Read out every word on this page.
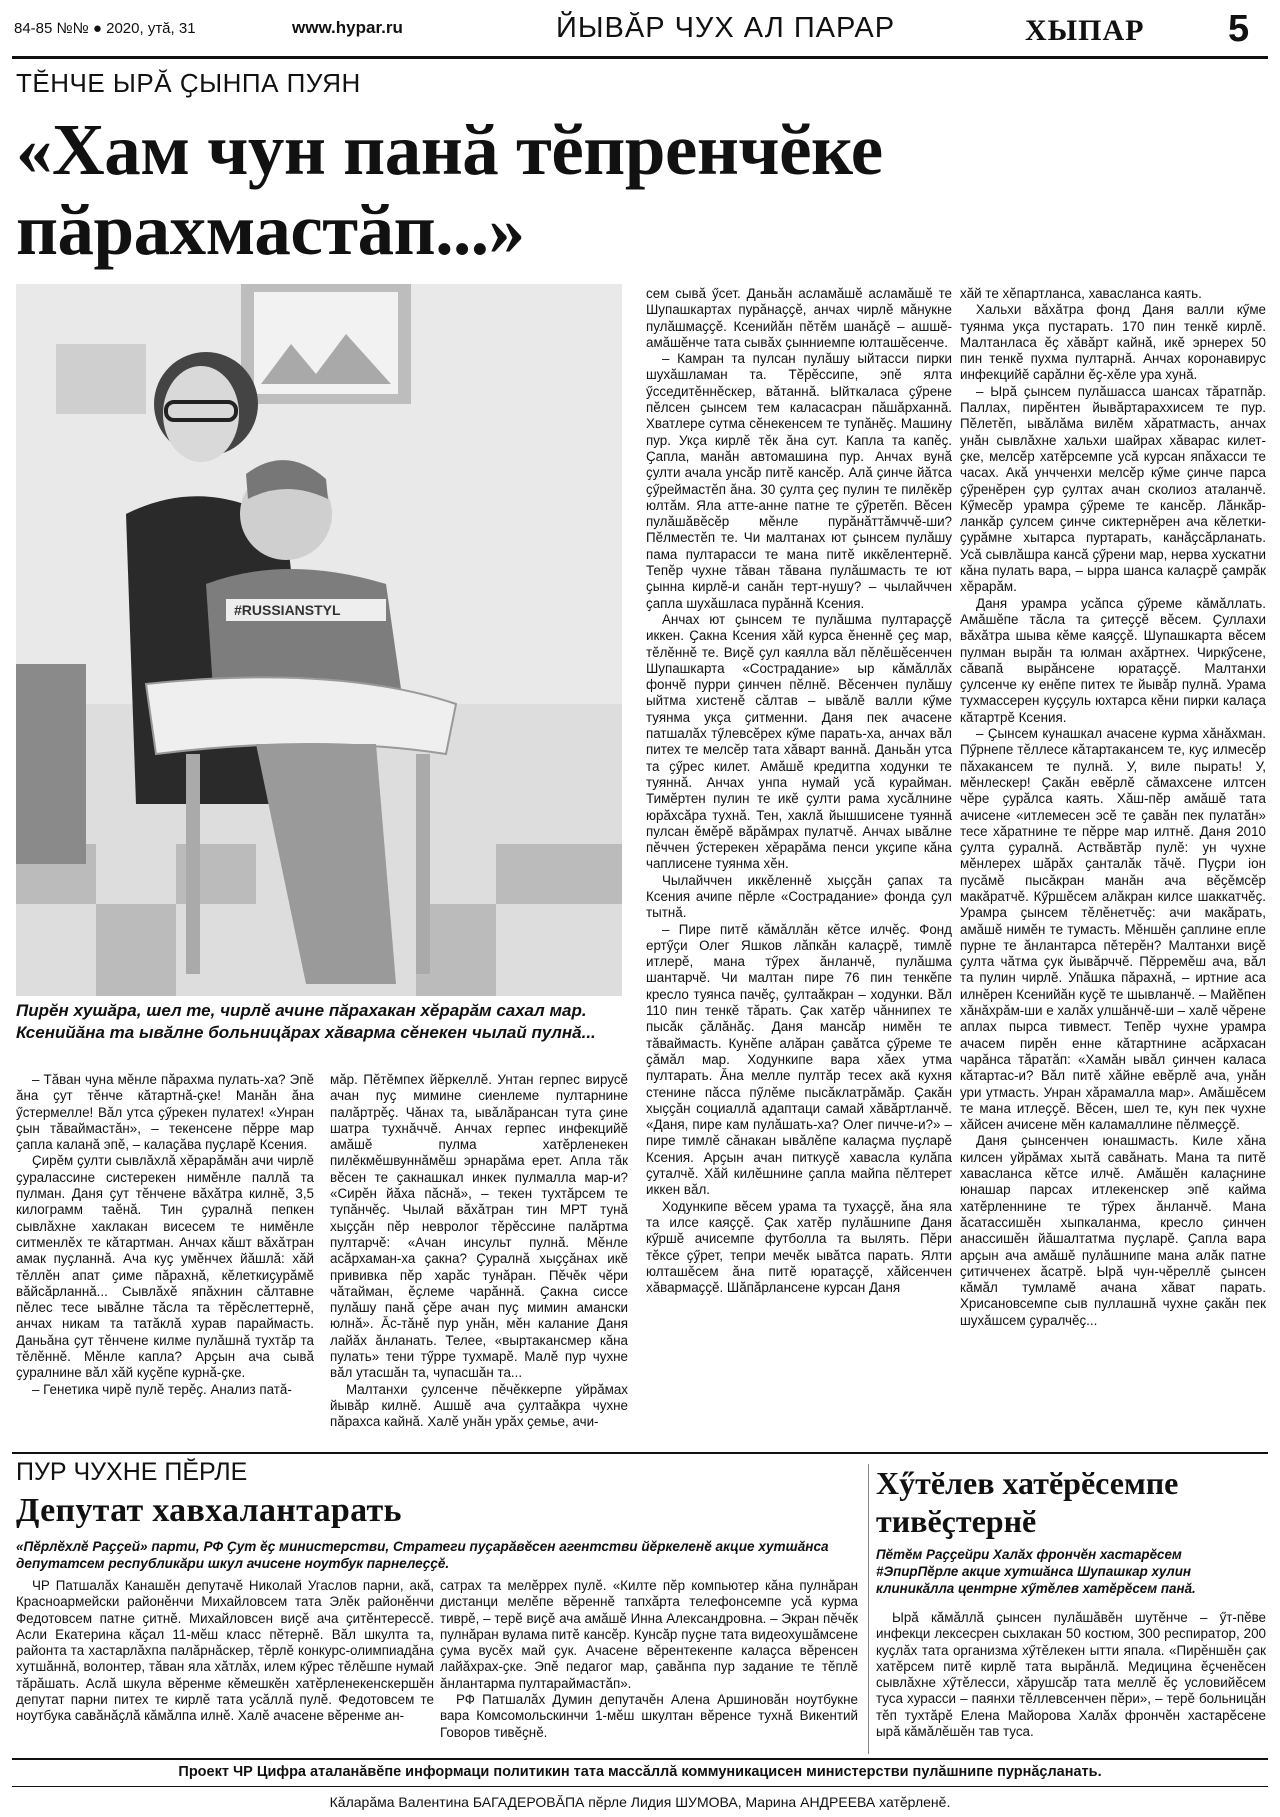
84-85 №№ ● 2020, утӑ, 31	www.hypar.ru	ЙЫВӐР ЧУХ АЛ ПАРАР	ХЫПАР 5
ТӖНЧЕ ЫРӐ ҪЫНПА ПУЯН
«Хам чун панӑ тӗпренчӗке
пӑрахмастӑп...»
#RUSSIANSTYL
Пирӗн хушӑра, шел те, чирлӗ ачине пӑрахакан хӗрарӑм сахал мар. Ксенийӑна та ывӑлне больницӑрах хӑварма сӗнекен чылай пулнӑ...

– Тӑван чуна мӗнле пӑрахма пулать-ха? Эпӗ ӑна ҫут тӗнче кӑтартнӑ-ҫке! Манӑн ӑна ӳстермелле! Вӑл утса ҫӳрекен пулатех! «Унран ҫын тӑваймастӑн», – текенсене пӗрре мар ҫапла каланӑ эпӗ, – калаҫӑва пуҫларӗ Ксения.

Ҫирӗм ҫулти сывлӑхлӑ хӗрарӑмӑн ачи чирлӗ ҫуралассине систерекен нимӗнле паллӑ та пулман. Даня ҫут тӗнчене вӑхӑтра килнӗ, 3,5 килограмм таӗнӑ. Тин ҫуралнӑ пепкен сывлӑхне хаклакан висесем те нимӗнле ситменлӗх те кӑтартман. Анчах кӑшт вӑхӑтран амак пуҫланнӑ. Ача куҫ умӗнчех йӑшлӑ: хӑй тӗллӗн апат ҫиме пӑрахнӑ, кӗлеткиҫурӑмӗ вӑйсӑрланнӑ... Сывлӑхӗ япӑхнин сӑлтавне пӗлес тесе ывӑлне тӑсла та тӗрӗслеттернӗ, анчах никам та татӑклӑ хурав параймасть. Даньӑна ҫут тӗнчене килме пулӑшнӑ тухтӑр та тӗлӗннӗ. Мӗнле капла? Арҫын ача сывӑ ҫуралнине вӑл хӑй куҫӗпе курнӑ-ҫке.

– Генетика чирӗ пулӗ терӗҫ. Анализ патӑ-

мӑр. Пӗтӗмпех йӗркеллӗ. Унтан герпес вирусӗ ачан пуҫ мимине сиенлеме пултарнине палӑртрӗҫ. Чӑнах та, ывӑлӑрансан тута ҫине шатра тухнӑччӗ. Анчах герпес инфекцийӗ амӑшӗ пулма хатӗрленекен пилӗкмӗшвуннӑмӗш эрнарӑма ерет. Апла тӑк вӗсен те ҫакнашкал инкек пулмалла мар-и? «Сирӗн йӑха пӑснӑ», – текен тухтӑрсем те тупӑнчӗҫ. Чылай вӑхӑтран тин МРТ тунӑ хыҫҫӑн пӗр невролог тӗрӗссине палӑртма пултарчӗ: «Ачан инсульт пулнӑ. Мӗнле асӑрхаман-ха ҫакна? Ҫуралнӑ хыҫҫӑнах икӗ прививка пӗр харӑс тунӑран. Пӗчӗк чӗри чӑтайман, ӗҫлеме чарӑннӑ. Ҫакна сиссе пулӑшу панӑ ҫӗре ачан пуҫ мимин амански юлнӑ». Ӑс-тӑнӗ пур унӑн, мӗн калание Даня лайӑх ӑнланать. Телее, «выртакансмер кӑна пулать» тени тӳрре тухмарӗ. Малӗ пур чухне вӑл утасшӑн та, чупасшӑн та...

Малтанхи ҫулсенче пӗчӗккерпе уйрӑмах йывӑр килнӗ. Ашшӗ ача ҫултаӑкра чухне пӑрахса кайнӑ. Халӗ унӑн урӑх ҫемье, ачи-

сем сывӑ ӳсет. Даньӑн асламӑшӗ асламӑшӗ те Шупашкартах пурӑнаҫҫӗ, анчах чирлӗ мӑнукне пулӑшмаҫҫӗ. Ксенийӑн пӗтӗм шанӑҫӗ – ашшӗ-амӑшӗнче тата сывӑх ҫынниемпе юлташӗсенче.

– Камран та пулсан пулӑшу ыйтасси пирки шухӑшламан та. Тӗрӗссипе, эпӗ ялта ӳсседитӗннӗскер, вӑтаннӑ. Ыйткаласа ҫӳрене пӗлсен ҫынсем тем каласасран пӑшӑрханнӑ. Хватлере сутма сӗнекенсем те тупӑнӗҫ. Машину пур. Укҫа кирлӗ тӗк ӑна сут. Капла та капӗҫ. Ҫапла, манӑн автомашина пур. Анчах вунӑ ҫулти ачала унсӑр питӗ кансӗр. Алӑ ҫинче йӑтса ҫӳреймастӗп ӑна. 30 ҫулта ҫеҫ пулин те пилӗкӗр юлтӑм. Яла атте-анне патне те ҫӳретӗп. Вӗсен пулӑшӑвӗсӗр мӗнле пурӑнӑттӑмччӗ-ши? Пӗлместӗп те. Чи малтанах ют ҫынсем пулӑшу пама пултарасси те мана питӗ иккӗлентернӗ. Тепӗр чухне тӑван тӑвана пулӑшмасть те ют ҫынна кирлӗ-и санӑн терт-нушу? – чылайччен ҫапла шухӑшласа пурӑннӑ Ксения.

Анчах ют ҫынсем те пулӑшма пултараҫҫӗ иккен. Ҫакна Ксения хӑй курса ӗненнӗ ҫеҫ мар, тӗлӗннӗ те. Виҫӗ ҫул каялла вӑл пӗлӗшӗсенчен Шупашкарта «Сострадание» ыр кӑмӑллӑх фончӗ пурри ҫинчен пӗлнӗ. Вӗсенчен пулӑшу ыйтма хистенӗ сӑлтав – ывӑлӗ валли кӳме туянма укҫа ҫитменни. Даня пек ачасене патшалӑх тӳлевсӗрех кӳме парать-ха, анчах вӑл питех те мелсӗр тата хӑварт ваннӑ. Даньӑн утса та ҫӳрес килет. Амӑшӗ кредитпа ходунки те туяннӑ. Анчах унпа нумай усӑ курайман. Тимӗртен пулин те икӗ ҫулти рама хусӑлнине юрӑхсӑра тухнӑ. Тен, хаклӑ йышшисене туяннӑ пулсан ӗмӗрӗ вӑрӑмрах пулатчӗ. Анчах ывӑлне пӗччен ӳстерекен хӗрарӑма пенси укҫипе кӑна чаплисене туянма хӗн.

Чылайччен иккӗленнӗ хыҫҫӑн ҫапах та Ксения ачипе пӗрле «Сострадание» фонда ҫул тытнӑ.

– Пире питӗ кӑмӑллӑн кӗтсе илчӗҫ. Фонд ертӳҫи Олег Яшков лӑпкӑн калаҫрӗ, тимлӗ итлерӗ, мана тӳрех ӑнланчӗ, пулӑшма шантарчӗ. Чи малтан пире 76 пин тенкӗпе кресло туянса пачӗҫ, ҫултаӑкран – ходунки. Вӑл 110 пин тенкӗ тӑрать. Ҫак хатӗр чӑннипех те пысӑк ҫӑлӑнӑҫ. Даня мансӑр нимӗн те тӑваймасть. Кунӗпе алӑран ҫавӑтса ҫӳреме те ҫӑмӑл мар. Ходункипе вара хӑех утма пултарать. Ӑна мелле пултӑр тесех акӑ кухня стенине пӑсса пӳлӗме пысӑклатрӑмӑр. Ҫакӑн хыҫҫӑн социаллӑ адаптаци самай хӑвӑртланчӗ. «Даня, пире кам пулӑшать-ха? Олег пичче-и?» – пире тимлӗ сӑнакан ывӑлӗпе калаҫма пуҫларӗ Ксения. Арҫын ачан питкуҫӗ хавасла кулӑпа ҫуталчӗ. Хӑй килӗшнине ҫапла майпа пӗлтерет иккен вӑл.

Ходункипе вӗсем урама та тухаҫҫӗ, ӑна яла та илсе каяҫҫӗ. Ҫак хатӗр пулӑшнипе Даня кӳршӗ ачисемпе футболла та вылять. Пӗри тӗксе ҫӳрет, тепри мечӗк ывӑтса парать. Ялти юлташӗсем ӑна питӗ юратаҫҫӗ, хӑйсенчен хӑвармаҫҫӗ. Шӑпӑрлансене курсан Даня

хӑй те хӗпартланса, хавасланса каять.

Хальхи вӑхӑтра фонд Даня валли кӳме туянма укҫа пустарать. 170 пин тенкӗ кирлӗ. Малтанласа ӗҫ хӑвӑрт кайнӑ, икӗ эрнерех 50 пин тенкӗ пухма пултарнӑ. Анчах коронавирус инфекцийӗ сарӑлни ӗҫ-хӗле ура хунӑ.

– Ырӑ ҫынсем пулӑшасса шансах тӑратпӑр. Паллах, пирӗнтен йывӑртараххисем те пур. Пӗлетӗп, ывӑлӑма вилӗм хӑратмасть, анчах унӑн сывлӑхне хальхи шайрах хӑварас килет-ҫке, мелсӗр хатӗрсемпе усӑ курсан япӑхасси те часах. Акӑ унчченхи мелсӗр кӳме ҫинче парса ҫӳренӗрен ҫур ҫултах ачан сколиоз аталанчӗ. Кӳмесӗр урамра ҫӳреме те кансӗр. Лӑнкӑр-ланкӑр ҫулсем ҫинче сиктернӗрен ача кӗлетки-ҫурӑмне хытарса пуртарать, канӑҫсӑрланать. Усӑ сывлӑшра кансӑ ҫӳрени мар, нерва хускатни кӑна пулать вара, – ырра шанса калаҫрӗ ҫамрӑк хӗрарӑм.

Даня урамра усӑпса ҫӳреме кӑмӑллать. Амӑшӗпе тӑсла та ҫитеҫҫӗ вӗсем. Ҫуллахи вӑхӑтра шыва кӗме каяҫҫӗ. Шупашкарта вӗсем пулман вырӑн та юлман ахӑртнех. Чиркӳсене, сӑвапӑ вырӑнсене юратаҫҫӗ. Малтанхи ҫулсенче ку енӗпе питех те йывӑр пулнӑ. Урама тухмассерен куҫҫуль юхтарса кӗни пирки калаҫа кӑтартрӗ Ксения.

– Ҫынсем кунашкал ачасене курма хӑнӑхман. Пӳрнепе тӗллесе кӑтартакансем те, куҫ илмесӗр пӑхакансем те пулнӑ. У, виле пырать! У, мӗнлескер! Ҫакӑн евӗрлӗ сӑмахсене илтсен чӗре ҫурӑлса каять. Хӑш-пӗр амӑшӗ тата ачисене «итлемесен эсӗ те ҫавӑн пек пулатӑн» тесе хӑратнине те пӗрре мар илтнӗ. Даня 2010 ҫулта ҫуралнӑ. Аствӑвтӑр пулӗ: ун чухне мӗнлерех шӑрӑх ҫанталӑк тӑчӗ. Пуҫри іон пусӑмӗ пысӑкран манӑн ача вӗҫӗмсӗр макӑратчӗ. Кӳршӗсем алӑкран килсе шаккатчӗҫ. Урамра ҫынсем тӗлӗнетчӗҫ: ачи макӑрать, амӑшӗ нимӗн те тумасть. Мӗншӗн ҫаплине епле пурне те ӑнлантарса пӗтерӗн? Малтанхи виҫӗ ҫулта чӑтма ҫук йывӑрччӗ. Пӗрремӗш ача, вӑл та пулин чирлӗ. Упӑшка пӑрахнӑ, – иртние аса илнӗрен Ксенийӑн куҫӗ те шывланчӗ. – Майӗпен хӑнӑхрӑм-ши е халӑх улшӑнчӗ-ши – халӗ чӗрене аплах пырса тивмест. Тепӗр чухне урамра ачасем пирӗн енне кӑтартнине асӑрхасан чарӑнса тӑратӑп: «Хамӑн ывӑл ҫинчен каласа кӑтартас-и? Вӑл питӗ хӑйне евӗрлӗ ача, унӑн ури утмасть. Унран хӑрамалла мар». Амӑшӗсем те мана итлеҫҫӗ. Вӗсен, шел те, кун пек чухне хӑйсен ачисене мӗн каламаллине пӗлмеҫҫӗ.

Даня ҫынсенчен юнашмасть. Киле хӑна килсен уйрӑмах хытӑ савӑнать. Мана та питӗ хавасланса кӗтсе илчӗ. Амӑшӗн калаҫнине юнашар парсах итлекенскер эпӗ кайма хатӗрленнине те тӳрех ӑнланчӗ. Мана ӑсатассишӗн хыпкаланма, кресло ҫинчен анассишӗн йӑшалтатма пуҫларӗ. Ҫапла вара арҫын ача амӑшӗ пулӑшнипе мана алӑк патне ҫитичченех ӑсатрӗ. Ырӑ чун-чӗреллӗ ҫынсен кӑмӑл тумламӗ ачана хӑват парать. Хрисановсемпе сыв пуллашнӑ чухне ҫакӑн пек шухӑшсем ҫуралчӗҫ...

ПУР ЧУХНЕ ПӖРЛЕ
Депутат хавхалантарать
«Пӗрлӗхлӗ Раҫҫей» парти, РФ Ҫут ӗҫ министерстви, Стратеги пуҫарӑвӗсен агентстви йӗркеленӗ акцие хутшӑнса депутатсем республикӑри шкул ачисене ноутбук парнелеҫҫӗ.

ЧР Патшалӑх Канашӗн депутачӗ Николай Угаслов парни, акӑ, Красноармейски районӗнчи Михайловсем тата Элӗк районӗнчи Федотовсем патне ҫитнӗ. Михайловсен виҫӗ ача ҫитӗнтерессӗ. Асли Екатерина кӑҫал 11-мӗш класс пӗтернӗ. Вӑл шкулта та, районта та хастарлӑхпа палӑрнӑскер, тӗрлӗ конкурс-олимпиадӑна хутшӑннӑ, волонтер, тӑван яла хӑтлӑх, илем кӳрес тӗлӗшпе нумай тӑрӑшать. Аслӑ шкула вӗренме кӗмешкӗн хатӗрленекенскершӗн депутат парни питех те кирлӗ тата усӑллӑ пулӗ. Федотовсем те ноутбука савӑнӑҫлӑ кӑмӑлпа илнӗ. Халӗ ачасене вӗренме ан-

сатрах та мелӗррех пулӗ. «Килте пӗр компьютер кӑна пулнӑран дистанци мелӗпе вӗреннӗ тапхӑрта телефонсемпе усӑ курма тиврӗ, – терӗ виҫӗ ача амӑшӗ Инна Александровна. – Экран пӗчӗк пулнӑран вулама питӗ кансӗр. Кунсӑр пуҫне тата видеохушӑмсене ҫума вусӗх май ҫук. Ачасене вӗрентекенпе калаҫса вӗренсен лайӑхрах-ҫке. Эпӗ педагог мар, ҫавӑнпа пур задание те тӗплӗ ӑнлантарма пултараймастӑп».

РФ Патшалӑх Думин депутачӗн Алена Аршиновӑн ноутбукне вара Комсомольскинчи 1-мӗш шкултан вӗренсе тухнӑ Викентий Говоров тивӗҫнӗ.

Хӳтӗлев хатӗрӗсемпе
тивӗҫтернӗ
Пӗтӗм Раҫҫейри Халӑх фрончӗн хастарӗсем #ЭпирПӗрле акцие хутшӑнса Шупашкар хулин клиникӑлла центрне хӳтӗлев хатӗрӗсем панӑ.

Ырӑ кӑмӑллӑ ҫынсен пулӑшӑвӗн шутӗнче – ӳт-пӗве инфекци лексесрен сыхлакан 50 костюм, 300 респиратор, 200 куҫлӑх тата организма хӳтӗлекен ытти япала. «Пирӗншӗн ҫак хатӗрсем питӗ кирлӗ тата вырӑнлӑ. Медицина ӗҫченӗсен сывлӑхне хӳтӗлесси, хӑрушсӑр тата меллӗ ӗҫ условийӗсем туса хурасси – паянхи тӗллевсенчен пӗри», – терӗ больницӑн тӗп тухтӑрӗ Елена Майорова Халӑх фрончӗн хастарӗсене ырӑ кӑмӑлӗшӗн тав туса.

Проект ЧР Цифра аталанӑвӗпе информаци политикин тата массӑллӑ коммуникацисен министерстви пулӑшнипе пурнӑҫланать.
Кӑларӑма Валентина БАГАДЕРОВӐПА пӗрле Лидия ШУМОВА, Марина АНДРЕЕВА хатӗрленӗ.
